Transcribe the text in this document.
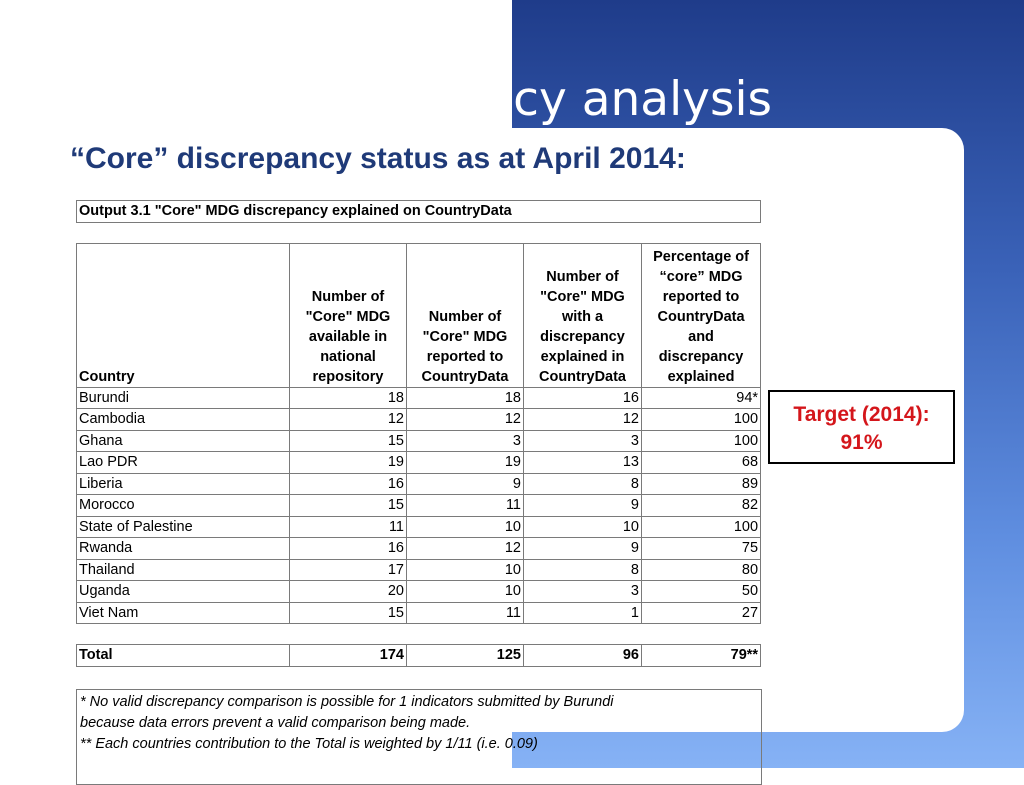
cy analysis
“Core” discrepancy status as at April 2014:
Output 3.1 "Core" MDG discrepancy explained on CountryData				

Country	Number of "Core" MDG available in national repository	Number of "Core" MDG reported to CountryData	Number of "Core" MDG with a discrepancy explained in CountryData	Percentage of “core” MDG reported to CountryData and discrepancy explained
Burundi	18	18	16	94*
Cambodia	12	12	12	100
Ghana	15	3	3	100
Lao PDR	19	19	13	68
Liberia	16	9	8	89
Morocco	15	11	9	82
State of Palestine	11	10	10	100
Rwanda	16	12	9	75
Thailand	17	10	8	80
Uganda	20	10	3	50
Viet Nam	15	11	1	27

Total	174	125	96	79**
* No valid discrepancy comparison is possible for 1 indicators submitted by Burundi
because data errors prevent a valid comparison being made.
** Each countries contribution to the Total is weighted by 1/11 (i.e. 0.09)
Target (2014):
91%
